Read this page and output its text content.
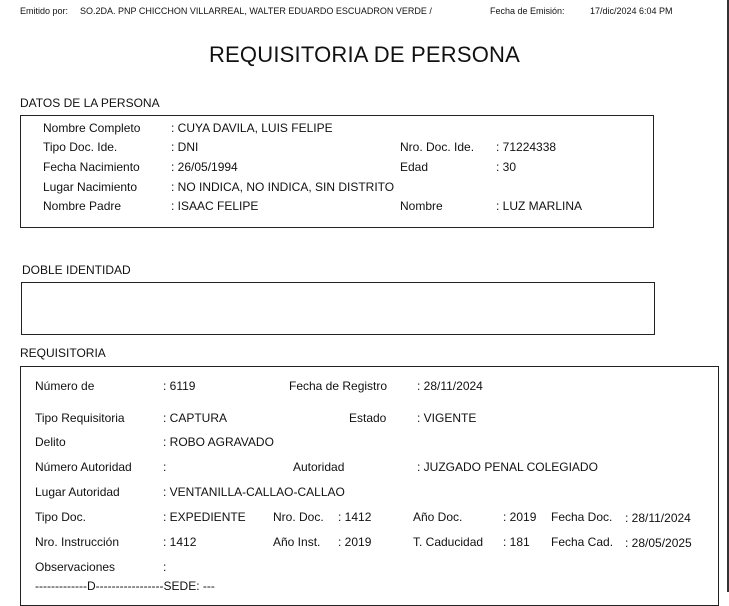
Emitido por: SO.2DA. PNP CHICCHON VILLARREAL, WALTER EDUARDO ESCUADRON VERDE /	Fecha de Emisión:	17/dic/2024 6:04 PM
REQUISITORIA DE PERSONA
DATOS DE LA PERSONA
Nombre Completo	: CUYA DAVILA, LUIS FELIPE
Tipo Doc. Ide.	: DNI	Nro. Doc. Ide. : 71224338
Fecha Nacimiento	: 26/05/1994	Edad	: 30
Lugar Nacimiento	: NO INDICA, NO INDICA, SIN DISTRITO
Nombre Padre	: ISAAC FELIPE	Nombre	: LUZ MARLINA
DOBLE IDENTIDAD
REQUISITORIA
Número de	: 6119	Fecha de Registro : 28/11/2024
Tipo Requisitoria	: CAPTURA	Estado	: VIGENTE
Delito	: ROBO AGRAVADO
Número Autoridad	:	Autoridad	: JUZGADO PENAL COLEGIADO
Lugar Autoridad	: VENTANILLA-CALLAO-CALLAO
Tipo Doc.	: EXPEDIENTE Nro. Doc. : 1412	Año Doc.	: 2019 Fecha Doc. : 28/11/2024
Nro. Instrucción	: 1412	Año Inst. : 2019	T. Caducidad : 181 Fecha Cad. : 28/05/2025
Observaciones	:
-------------D-----------------SEDE: ---
